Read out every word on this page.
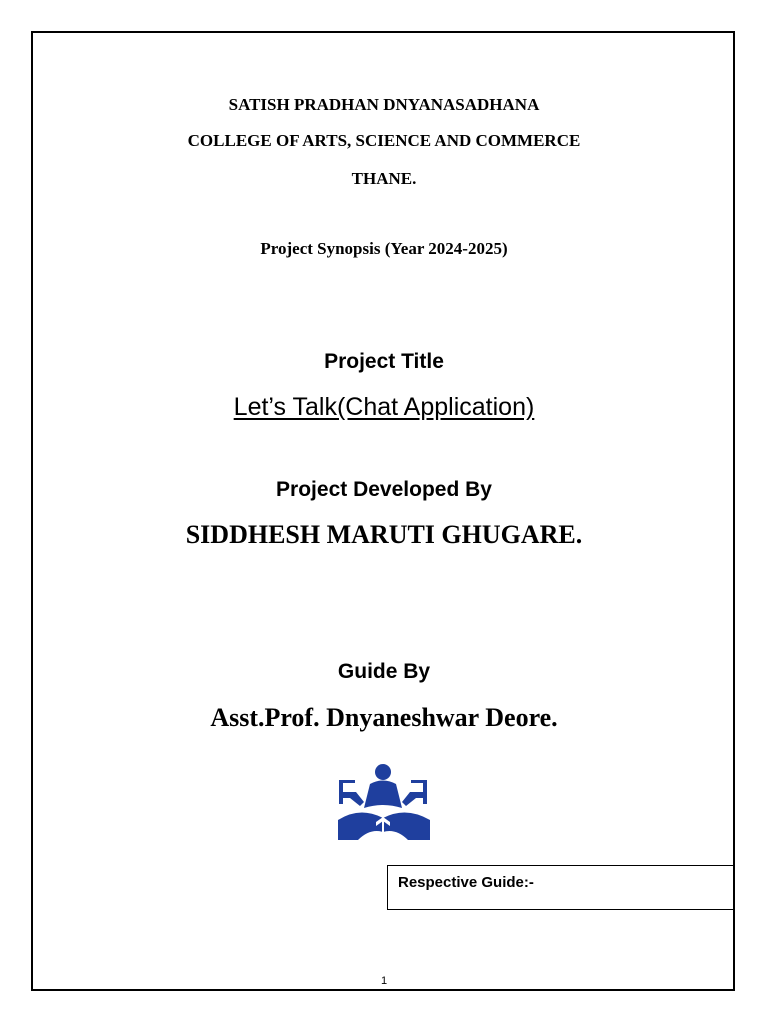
SATISH PRADHAN DNYANASADHANA
COLLEGE OF ARTS, SCIENCE AND COMMERCE
THANE.
Project Synopsis (Year 2024-2025)
Project Title
Let’s Talk(Chat Application)
Project Developed By
SIDDHESH MARUTI GHUGARE.
Guide By
Asst.Prof. Dnyaneshwar Deore.
Respective Guide:-
1
